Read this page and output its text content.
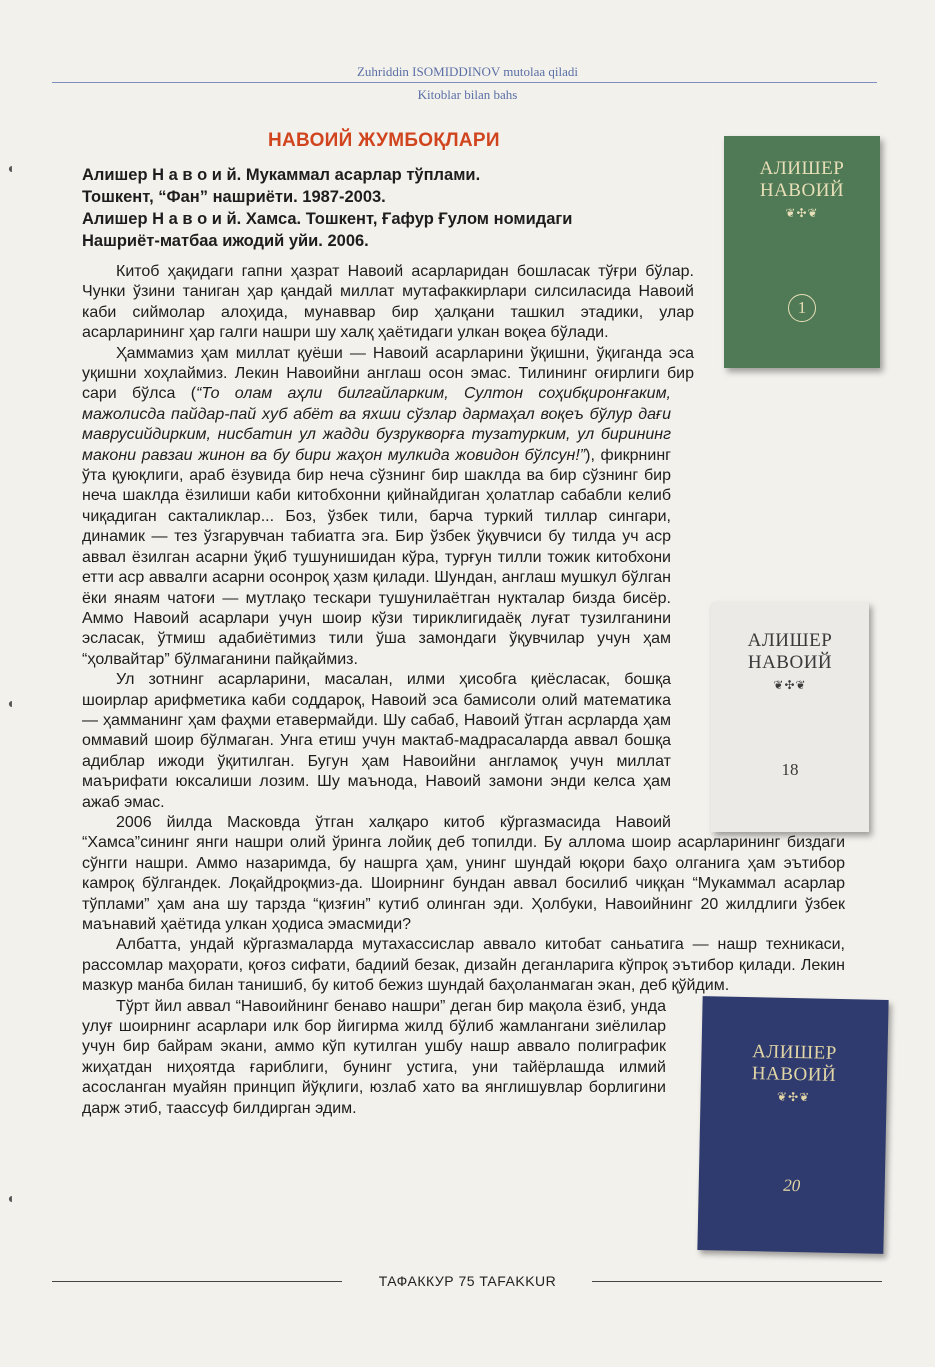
Zuhriddin ISOMIDDINOV mutolaa qiladi
Kitoblar bilan bahs
◖
◖
◖
НАВОИЙ ЖУМБОҚЛАРИ
Алишер Н а в о и й. Мукаммал асарлар тўплами.
Тошкент, “Фан” нашриёти. 1987-2003.
Алишер Н а в о и й. Хамса. Тошкент, Ғафур Ғулом номидаги
Нашриёт-матбаа ижодий уйи. 2006.
АЛИШЕР
НАВОИЙ
❦✣❦
1
АЛИШЕР
НАВОИЙ
❦✣❦
18
АЛИШЕР
НАВОИЙ
❦✣❦
20

Китоб ҳақидаги гапни ҳазрат Навоий асарларидан бошласак тўғри бўлар. Чунки ўзини таниган ҳар қандай миллат мутафаккирлари силсиласида Навоий каби сиймолар алоҳида, мунаввар бир ҳалқани ташкил этадики, улар асарларининг ҳар галги нашри шу халқ ҳаётидаги улкан воқеа бўлади.

Ҳаммамиз ҳам миллат қуёши — Навоий асарларини ўқишни, ўқиганда эса уқишни хоҳлаймиз. Лекин Навоийни англаш осон эмас. Тилининг оғирлиги бир сари бўлса (“То олам аҳли билгайларким, Султон соҳибқиронғаким, мажолисда пайдар-пай хуб абёт ва яхши сўзлар дармаҳал воқеъ бўлур дағи маврусийдирким, нисбатин ул жадди бузрукворға тузатурким, ул бирининг макони равзаи жинон ва бу бири жаҳон мулкида жовидон бўлсун!”), фикрнинг ўта қуюқлиги, араб ёзувида бир неча сўзнинг бир шаклда ва бир сўзнинг бир неча шаклда ёзилиши каби китобхонни қийнайдиган ҳолатлар сабабли келиб чиқадиган сакталиклар... Боз, ўзбек тили, барча туркий тиллар сингари, динамик — тез ўзгарувчан табиатга эга. Бир ўзбек ўқувчиси бу тилда уч аср аввал ёзилган асарни ўқиб тушунишидан кўра, турғун тилли тожик китобхони етти аср аввалги асарни осонроқ ҳазм қилади. Шундан, англаш мушкул бўлган ёки янаям чатоғи — мутлақо тескари тушунилаётган нукталар бизда бисёр. Аммо Навоий асарлари учун шоир кўзи тириклигидаёқ луғат тузилганини эсласак, ўтмиш адабиётимиз тили ўша замондаги ўқувчилар учун ҳам “ҳолвайтар” бўлмаганини пайқаймиз.

Ул зотнинг асарларини, масалан, илми ҳисобга қиёсласак, бошқа шоирлар арифметика каби соддароқ, Навоий эса бамисоли олий математика — ҳамманинг ҳам фаҳми етавермайди. Шу сабаб, Навоий ўтган асрларда ҳам оммавий шоир бўлмаган. Унга етиш учун мактаб-мадрасаларда аввал бошқа адиблар ижоди ўқитилган. Бугун ҳам Навоийни англамоқ учун миллат маърифати юксалиши лозим. Шу маънода, Навоий замони энди келса ҳам ажаб эмас.

2006 йилда Масковда ўтган халқаро китоб кўргазмасида Навоий “Хамса”сининг янги нашри олий ўринга лойиқ деб топилди. Бу аллома шоир асарларининг биздаги сўнгги нашри. Аммо назаримда, бу нашрга ҳам, унинг шундай юқори баҳо олганига ҳам эътибор камроқ бўлгандек. Лоқайдроқмиз-да. Шоирнинг бундан аввал босилиб чиққан “Мукаммал асарлар тўплами” ҳам ана шу тарзда “қизғин” кутиб олинган эди. Ҳолбуки, Навоийнинг 20 жилдлиги ўзбек маънавий ҳаётида улкан ҳодиса эмасмиди?

Албатта, ундай кўргазмаларда мутахассислар аввало китобат саньатига — нашр техникаси, рассомлар маҳорати, қоғоз сифати, бадиий безак, дизайн деганларига кўпроқ эътибор қилади. Лекин мазкур манба билан танишиб, бу китоб бежиз шундай баҳоланмаган экан, деб қўйдим.

Тўрт йил аввал “Навоийнинг бенаво нашри” деган бир мақола ёзиб, унда улуғ шоирнинг асарлари илк бор йигирма жилд бўлиб жамлангани зиёлилар учун бир байрам экани, аммо кўп кутилган ушбу нашр аввало полиграфик жиҳатдан ниҳоятда ғариблиги, бунинг устига, уни тайёрлашда илмий асосланган муайян принцип йўқлиги, юзлаб хато ва янглишувлар борлигини дарж этиб, таассуф билдирган эдим.

ТАФАККУР 75 TAFAKKUR
